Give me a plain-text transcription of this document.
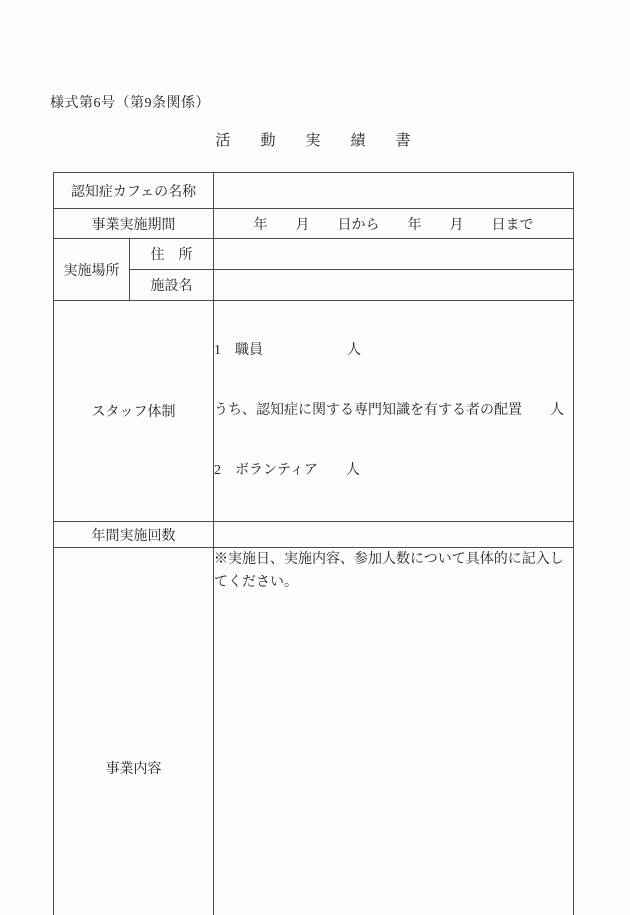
様式第6号（第9条関係）
活　　動　　実　　績　　書
認知症カフェの名称		
事業実施期間		年　　月　　日から　　年　　月　　日まで
実施場所	住　所	
	施設名	
スタッフ体制		1　職員　　　　　　人

うち、認知症に関する専門知識を有する者の配置　　人

2　ボランティア　　人

年間実施回数		
事業内容		※実施日、実施内容、参加人数について具体的に記入してください。
